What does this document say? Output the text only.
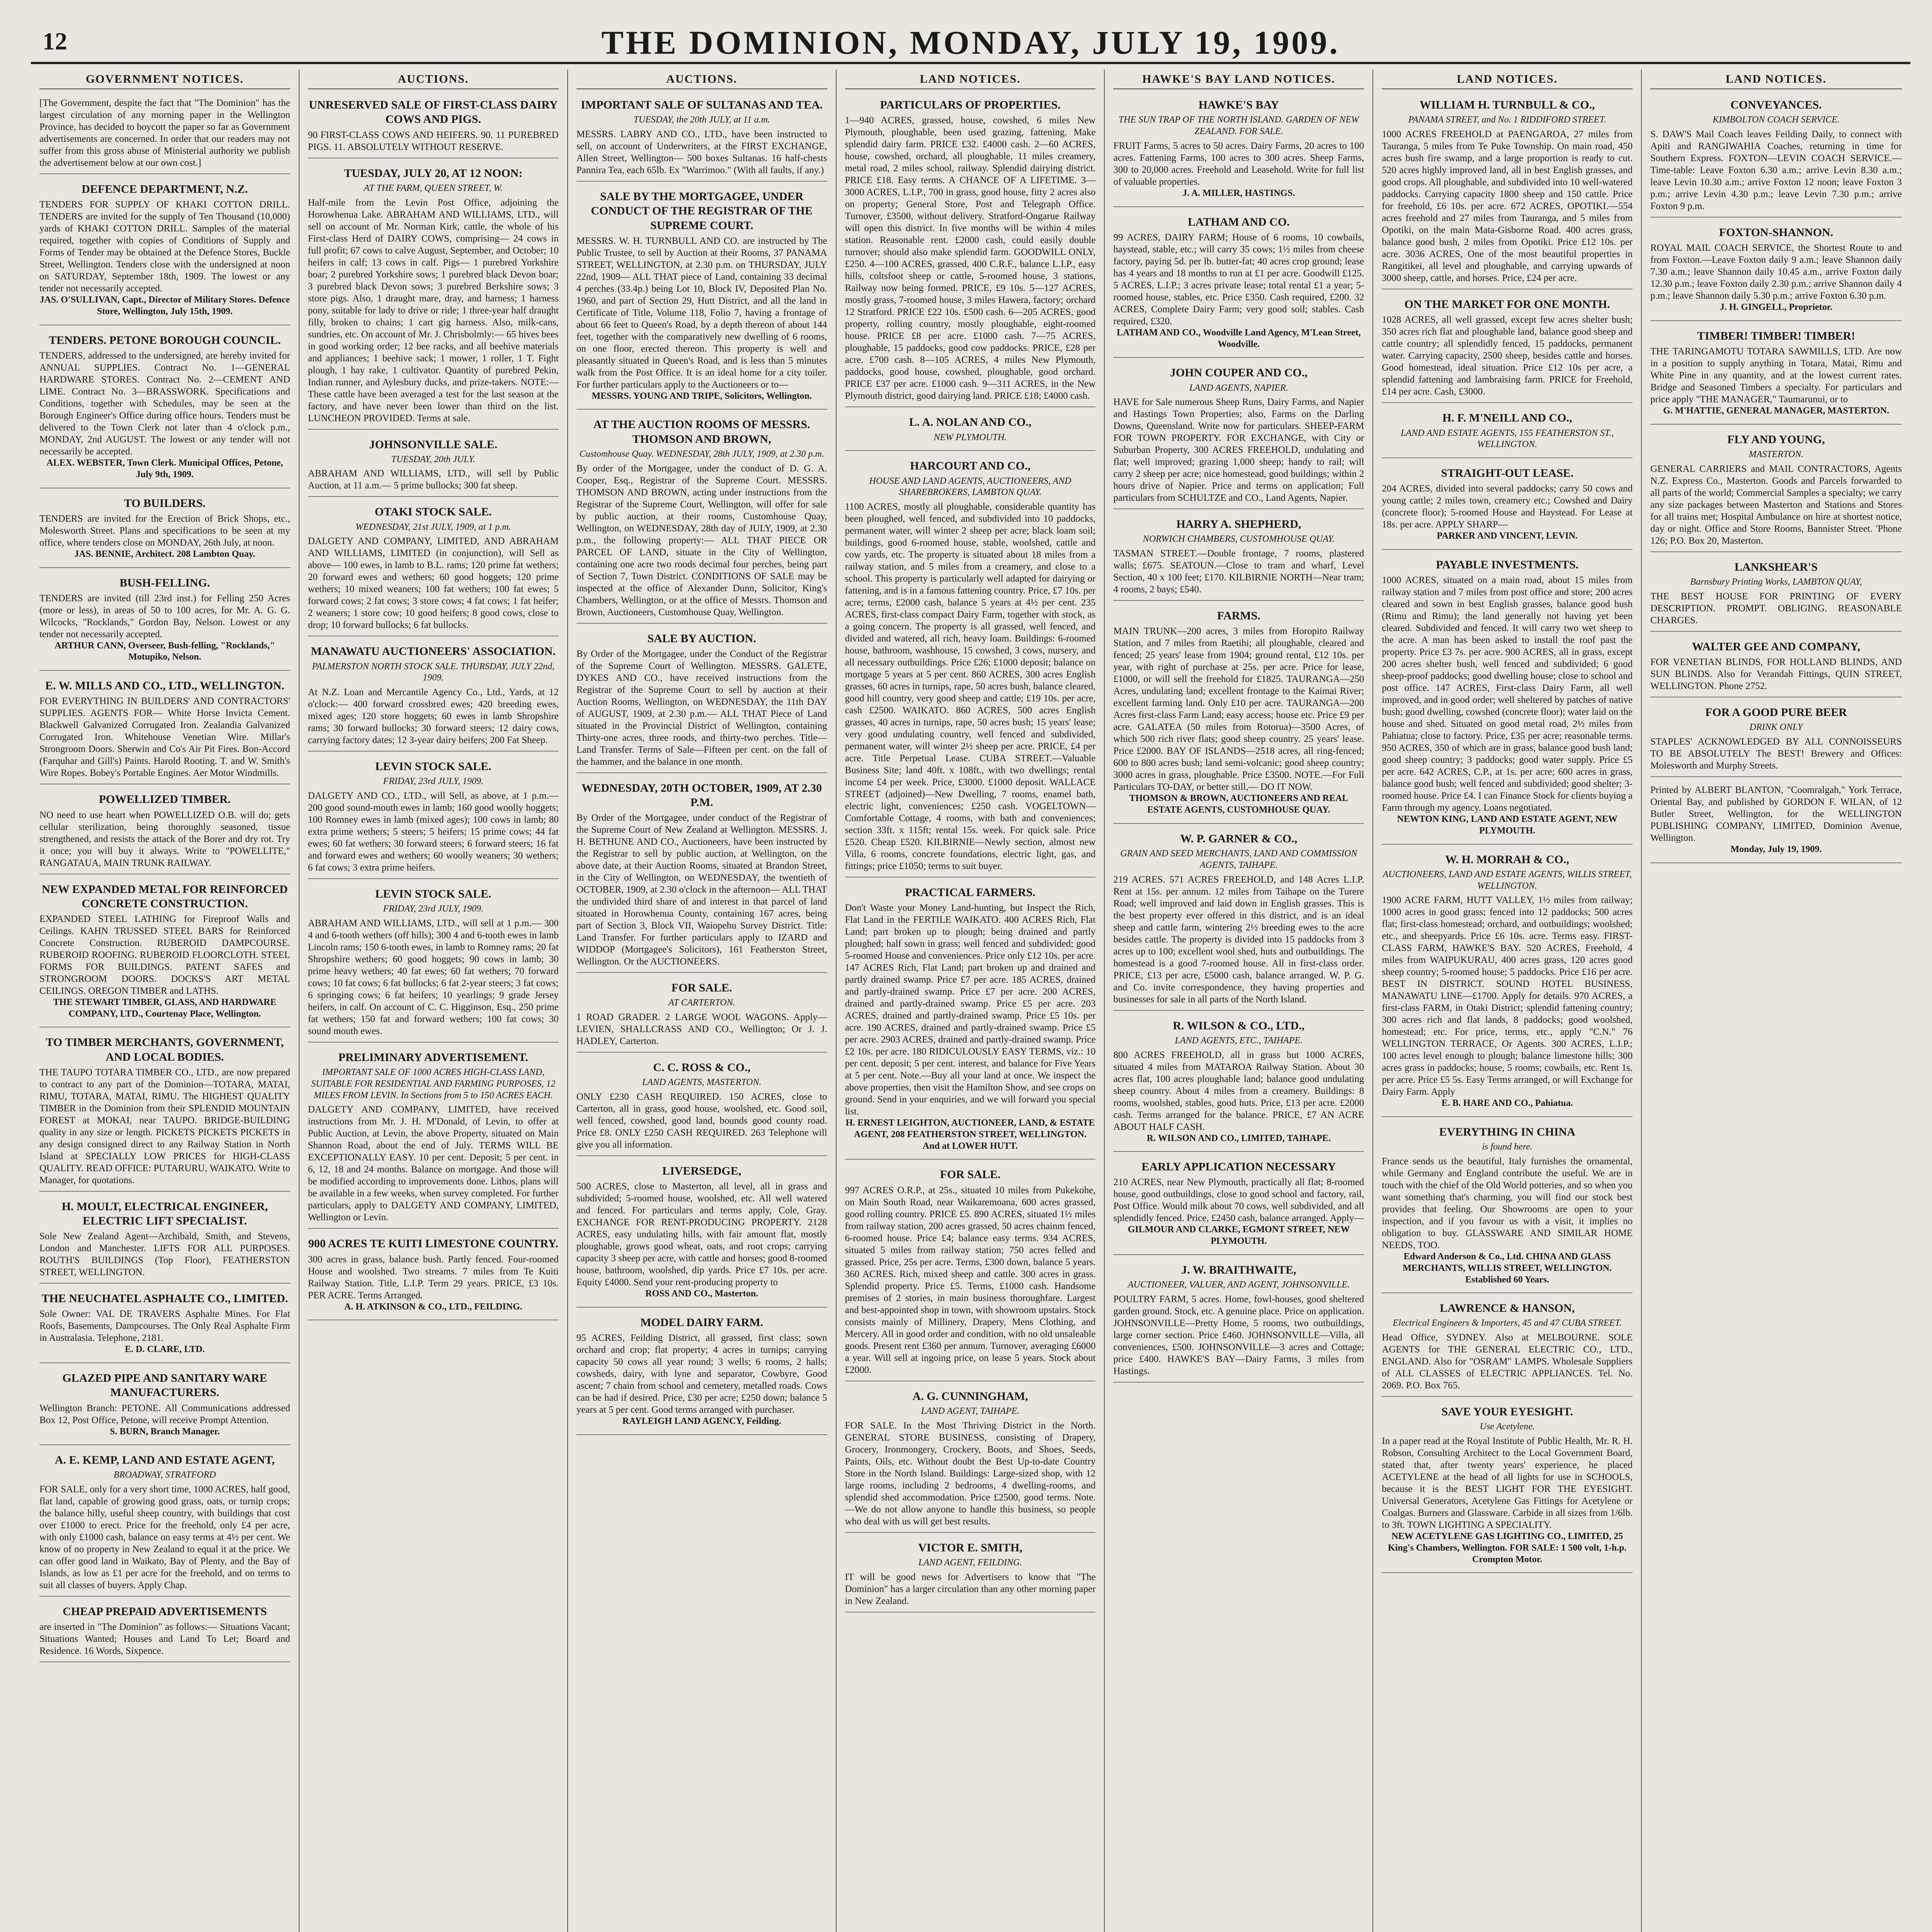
12	THE DOMINION, MONDAY, JULY 19, 1909.
GOVERNMENT NOTICES.
[The Government, despite the fact that "The Dominion" has the largest circulation of any morning paper in the Wellington Province, has decided to boycott the paper so far as Government advertisements are concerned. In order that our readers may not suffer from this gross abuse of Ministerial authority we publish the advertisement below at our own cost.]
DEFENCE DEPARTMENT, N.Z.
TENDERS FOR SUPPLY OF KHAKI COTTON DRILL. TENDERS are invited for the supply of Ten Thousand (10,000) yards of KHAKI COTTON DRILL. Samples of the material required, together with copies of Conditions of Supply and Forms of Tender may be obtained at the Defence Stores, Buckle Street, Wellington. Tenders close with the undersigned at noon on SATURDAY, September 18th, 1909. The lowest or any tender not necessarily accepted.
JAS. O'SULLIVAN, Capt., Director of Military Stores. Defence Store, Wellington, July 15th, 1909.
TENDERS. PETONE BOROUGH COUNCIL.
TENDERS, addressed to the undersigned, are hereby invited for ANNUAL SUPPLIES. Contract No. 1—GENERAL HARDWARE STORES. Contract No. 2—CEMENT AND LIME. Contract No. 3—BRASSWORK. Specifications and Conditions, together with Schedules, may be seen at the Borough Engineer's Office during office hours. Tenders must be delivered to the Town Clerk not later than 4 o'clock p.m., MONDAY, 2nd AUGUST. The lowest or any tender will not necessarily be accepted.
ALEX. WEBSTER, Town Clerk. Municipal Offices, Petone, July 9th, 1909.
TO BUILDERS.
TENDERS are invited for the Erection of Brick Shops, etc., Molesworth Street. Plans and specifications to be seen at my office, where tenders close on MONDAY, 26th July, at noon.
JAS. BENNIE, Architect. 208 Lambton Quay.
BUSH-FELLING.
TENDERS are invited (till 23rd inst.) for Felling 250 Acres (more or less), in areas of 50 to 100 acres, for Mr. A. G. G. Wilcocks, "Rocklands," Gordon Bay, Nelson. Lowest or any tender not necessarily accepted.
ARTHUR CANN, Overseer, Bush-felling, "Rocklands," Motupiko, Nelson.
E. W. MILLS AND CO., LTD., WELLINGTON.
FOR EVERYTHING IN BUILDERS' AND CONTRACTORS' SUPPLIES. AGENTS FOR— White Horse Invicta Cement. Blackwell Galvanized Corrugated Iron. Zealandia Galvanized Corrugated Iron. Whitehouse Venetian Wire. Millar's Strongroom Doors. Sherwin and Co's Air Pit Fires. Bon-Accord (Farquhar and Gill's) Paints. Harold Rooting. T. and W. Smith's Wire Ropes. Bobey's Portable Engines. Aer Motor Windmills.
POWELLIZED TIMBER.
NO need to use heart when POWELLIZED O.B. will do; gets cellular sterilization, being thoroughly seasoned, tissue strengthened, and resists the attack of the Borer and dry rot. Try it once; you will buy it always. Write to "POWELLITE," RANGATAUA, MAIN TRUNK RAILWAY.
NEW EXPANDED METAL FOR REINFORCED CONCRETE CONSTRUCTION.
EXPANDED STEEL LATHING for Fireproof Walls and Ceilings. KAHN TRUSSED STEEL BARS for Reinforced Concrete Construction. RUBEROID DAMPCOURSE. RUBEROID ROOFING. RUBEROID FLOORCLOTH. STEEL FORMS FOR BUILDINGS. PATENT SAFES and STRONGROOM DOORS. DOCKS'S ART METAL CEILINGS. OREGON TIMBER and LATHS.
THE STEWART TIMBER, GLASS, AND HARDWARE COMPANY, LTD., Courtenay Place, Wellington.
TO TIMBER MERCHANTS, GOVERNMENT, AND LOCAL BODIES.
THE TAUPO TOTARA TIMBER CO., LTD., are now prepared to contract to any part of the Dominion—TOTARA, MATAI, RIMU, TOTARA, MATAI, RIMU. The HIGHEST QUALITY TIMBER in the Dominion from their SPLENDID MOUNTAIN FOREST at MOKAI, near TAUPO. BRIDGE-BUILDING quality in any size or length. PICKETS PICKETS PICKETS in any design consigned direct to any Railway Station in North Island at SPECIALLY LOW PRICES for HIGH-CLASS QUALITY. READ OFFICE: PUTARURU, WAIKATO. Write to Manager, for quotations.
H. MOULT, ELECTRICAL ENGINEER, ELECTRIC LIFT SPECIALIST.
Sole New Zealand Agent—Archibald, Smith, and Stevens, London and Manchester. LIFTS FOR ALL PURPOSES. ROUTH'S BUILDINGS (Top Floor), FEATHERSTON STREET, WELLINGTON.
THE NEUCHATEL ASPHALTE CO., LIMITED.
Sole Owner: VAL DE TRAVERS Asphalte Mines. For Flat Roofs, Basements, Dampcourses. The Only Real Asphalte Firm in Australasia. Telephone, 2181.
E. D. CLARE, LTD.
GLAZED PIPE AND SANITARY WARE MANUFACTURERS.
Wellington Branch: PETONE. All Communications addressed Box 12, Post Office, Petone, will receive Prompt Attention.
S. BURN, Branch Manager.
A. E. KEMP, LAND AND ESTATE AGENT,
BROADWAY, STRATFORD
FOR SALE, only for a very short time, 1000 ACRES, half good, flat land, capable of growing good grass, oats, or turnip crops; the balance hilly, useful sheep country, with buildings that cost over £1000 to erect. Price for the freehold, only £4 per acre, with only £1000 cash, balance on easy terms at 4½ per cent. We know of no property in New Zealand to equal it at the price. We can offer good land in Waikato, Bay of Plenty, and the Bay of Islands, as low as £1 per acre for the freehold, and on terms to suit all classes of buyers. Apply Chap.
CHEAP PREPAID ADVERTISEMENTS
are inserted in "The Dominion" as follows:— Situations Vacant; Situations Wanted; Houses and Land To Let; Board and Residence. 16 Words, Sixpence.
AUCTIONS.
UNRESERVED SALE OF FIRST-CLASS DAIRY COWS AND PIGS.
90 FIRST-CLASS COWS AND HEIFERS. 90. 11 PUREBRED PIGS. 11. ABSOLUTELY WITHOUT RESERVE.
TUESDAY, JULY 20, AT 12 NOON:
AT THE FARM, QUEEN STREET, W.
Half-mile from the Levin Post Office, adjoining the Horowhenua Lake. ABRAHAM AND WILLIAMS, LTD., will sell on account of Mr. Norman Kirk, cattle, the whole of his First-class Herd of DAIRY COWS, comprising— 24 cows in full profit; 67 cows to calve August, September, and October; 10 heifers in calf; 13 cows in calf. Pigs— 1 purebred Yorkshire boar; 2 purebred Yorkshire sows; 1 purebred black Devon boar; 3 purebred black Devon sows; 3 purebred Berkshire sows; 3 store pigs. Also, 1 draught mare, dray, and harness; 1 harness pony, suitable for lady to drive or ride; 1 three-year half draught filly, broken to chains; 1 cart gig harness. Also, milk-cans, sundries, etc. On account of Mr. J. Chrisbolmly:— 65 hives bees in good working order; 12 bee racks, and all beehive materials and appliances; 1 beehive sack; 1 mower, 1 roller, 1 T. Fight plough, 1 hay rake, 1 cultivator. Quantity of purebred Pekin, Indian runner, and Aylesbury ducks, and prize-takers. NOTE:—These cattle have been averaged a test for the last season at the factory, and have never been lower than third on the list. LUNCHEON PROVIDED. Terms at sale.
JOHNSONVILLE SALE.
TUESDAY, 20th JULY.
ABRAHAM AND WILLIAMS, LTD., will sell by Public Auction, at 11 a.m.— 5 prime bullocks; 300 fat sheep.
OTAKI STOCK SALE.
WEDNESDAY, 21st JULY, 1909, at 1 p.m.
DALGETY AND COMPANY, LIMITED, AND ABRAHAM AND WILLIAMS, LIMITED (in conjunction), will Sell as above— 100 ewes, in lamb to B.L. rams; 120 prime fat wethers; 20 forward ewes and wethers; 60 good hoggets; 120 prime wethers; 10 mixed weaners; 100 fat wethers; 100 fat ewes; 5 forward cows; 2 fat cows; 3 store cows; 4 fat cows; 1 fat heifer; 2 weaners; 1 store cow; 10 good heifers; 8 good cows, close to drop; 10 forward bullocks; 6 fat bullocks.
MANAWATU AUCTIONEERS' ASSOCIATION.
PALMERSTON NORTH STOCK SALE. THURSDAY, JULY 22nd, 1909.
At N.Z. Loan and Mercantile Agency Co., Ltd., Yards, at 12 o'clock:— 400 forward crossbred ewes; 420 breeding ewes, mixed ages; 120 store hoggets; 60 ewes in lamb Shropshire rams; 30 forward bullocks; 30 forward steers; 12 dairy cows, carrying factory dates; 12 3-year dairy heifers; 200 Fat Sheep.
LEVIN STOCK SALE.
FRIDAY, 23rd JULY, 1909.
DALGETY AND CO., LTD., will Sell, as above, at 1 p.m.— 200 good sound-mouth ewes in lamb; 160 good woolly hoggets; 100 Romney ewes in lamb (mixed ages); 100 cows in lamb; 80 extra prime wethers; 5 steers; 5 heifers; 15 prime cows; 44 fat ewes; 60 fat wethers; 30 forward steers; 6 forward steers; 16 fat and forward ewes and wethers; 60 woolly weaners; 30 wethers; 6 fat cows; 3 extra prime heifers.
LEVIN STOCK SALE.
FRIDAY, 23rd JULY, 1909.
ABRAHAM AND WILLIAMS, LTD., will sell at 1 p.m.— 300 4 and 6-tooth wethers (off hills); 300 4 and 6-tooth ewes in lamb Lincoln rams; 150 6-tooth ewes, in lamb to Romney rams; 20 fat Shropshire wethers; 60 good hoggets; 90 cows in lamb; 30 prime heavy wethers; 40 fat ewes; 60 fat wethers; 70 forward cows; 10 fat cows; 6 fat bullocks; 6 fat 2-year steers; 3 fat cows; 6 springing cows; 6 fat heifers; 10 yearlings; 9 grade Jersey heifers, in calf. On account of C. C. Higginson, Esq., 250 prime fat wethers; 150 fat and forward wethers; 100 fat cows; 30 sound mouth ewes.
PRELIMINARY ADVERTISEMENT.
IMPORTANT SALE OF 1000 ACRES HIGH-CLASS LAND, SUITABLE FOR RESIDENTIAL AND FARMING PURPOSES, 12 MILES FROM LEVIN. In Sections from 5 to 150 ACRES EACH.
DALGETY AND COMPANY, LIMITED, have received instructions from Mr. J. H. M'Donald, of Levin, to offer at Public Auction, at Levin, the above Property, situated on Main Shannon Road, about the end of July. TERMS WILL BE EXCEPTIONALLY EASY. 10 per cent. Deposit; 5 per cent. in 6, 12, 18 and 24 months. Balance on mortgage. And those will be modified according to improvements done. Lithos, plans will be available in a few weeks, when survey completed. For further particulars, apply to DALGETY AND COMPANY, LIMITED, Wellington or Levin.
900 ACRES TE KUITI LIMESTONE COUNTRY.
300 acres in grass, balance bush. Partly fenced. Four-roomed House and woolshed. Two streams. 7 miles from Te Kuiti Railway Station. Title, L.I.P. Term 29 years. PRICE, £3 10s. PER ACRE. Terms Arranged.
A. H. ATKINSON & CO., LTD., FEILDING.
AUCTIONS.
IMPORTANT SALE OF SULTANAS AND TEA.
TUESDAY, the 20th JULY, at 11 a.m.
MESSRS. LABRY AND CO., LTD., have been instructed to sell, on account of Underwriters, at the FIRST EXCHANGE, Allen Street, Wellington— 500 boxes Sultanas. 16 half-chests Pannira Tea, each 65lb. Ex "Warrimoo." (With all faults, if any.)
SALE BY THE MORTGAGEE, UNDER CONDUCT OF THE REGISTRAR OF THE SUPREME COURT.
MESSRS. W. H. TURNBULL AND CO. are instructed by The Public Trustee, to sell by Auction at their Rooms, 37 PANAMA STREET, WELLINGTON, at 2.30 p.m. on THURSDAY, JULY 22nd, 1909— ALL THAT piece of Land, containing 33 decimal 4 perches (33.4p.) being Lot 10, Block IV, Deposited Plan No. 1960, and part of Section 29, Hutt District, and all the land in Certificate of Title, Volume 118, Folio 7, having a frontage of about 66 feet to Queen's Road, by a depth thereon of about 144 feet, together with the comparatively new dwelling of 6 rooms, on one floor, erected thereon. This property is well and pleasantly situated in Queen's Road, and is less than 5 minutes walk from the Post Office. It is an ideal home for a city toiler. For further particulars apply to the Auctioneers or to—
MESSRS. YOUNG AND TRIPE, Solicitors, Wellington.
AT THE AUCTION ROOMS OF MESSRS. THOMSON AND BROWN,
Customhouse Quay. WEDNESDAY, 28th JULY, 1909, at 2.30 p.m.
By order of the Mortgagee, under the conduct of D. G. A. Cooper, Esq., Registrar of the Supreme Court. MESSRS. THOMSON AND BROWN, acting under instructions from the Registrar of the Supreme Court, Wellington, will offer for sale by public auction, at their rooms, Customhouse Quay, Wellington, on WEDNESDAY, 28th day of JULY, 1909, at 2.30 p.m., the following property:— ALL THAT PIECE OR PARCEL OF LAND, situate in the City of Wellington, containing one acre two roods decimal four perches, being part of Section 7, Town District. CONDITIONS OF SALE may be inspected at the office of Alexander Dunn, Solicitor, King's Chambers, Wellington, or at the office of Messrs. Thomson and Brown, Auctioneers, Customhouse Quay, Wellington.
SALE BY AUCTION.
By Order of the Mortgagee, under the Conduct of the Registrar of the Supreme Court of Wellington. MESSRS. GALETE, DYKES AND CO., have received instructions from the Registrar of the Supreme Court to sell by auction at their Auction Rooms, Wellington, on WEDNESDAY, the 11th DAY of AUGUST, 1909, at 2.30 p.m.— ALL THAT Piece of Land situated in the Provincial District of Wellington, containing Thirty-one acres, three roods, and thirty-two perches. Title—Land Transfer. Terms of Sale—Fifteen per cent. on the fall of the hammer, and the balance in one month.
WEDNESDAY, 20TH OCTOBER, 1909, AT 2.30 P.M.
By Order of the Mortgagee, under conduct of the Registrar of the Supreme Court of New Zealand at Wellington. MESSRS. J. H. BETHUNE AND CO., Auctioneers, have been instructed by the Registrar to sell by public auction, at Wellington, on the above date, at their Auction Rooms, situated at Brandon Street, in the City of Wellington, on WEDNESDAY, the twentieth of OCTOBER, 1909, at 2.30 o'clock in the afternoon— ALL THAT the undivided third share of and interest in that parcel of land situated in Horowhenua County, containing 167 acres, being part of Section 3, Block VII, Waiopehu Survey District. Title: Land Transfer. For further particulars apply to IZARD and WIDDOP (Mortgagee's Solicitors), 161 Featherston Street, Wellington. Or the AUCTIONEERS.
FOR SALE.
AT CARTERTON.
1 ROAD GRADER. 2 LARGE WOOL WAGONS. Apply— LEVIEN, SHALLCRASS AND CO., Wellington; Or J. J. HADLEY, Carterton.
C. C. ROSS & CO.,
LAND AGENTS, MASTERTON.
ONLY £230 CASH REQUIRED. 150 ACRES, close to Carterton, all in grass, good house, woolshed, etc. Good soil, well fenced, cowshed, good land, bounds good county road. Price £8. ONLY £250 CASH REQUIRED. 263 Telephone will give you all information.
LIVERSEDGE,
500 ACRES, close to Masterton, all level, all in grass and subdivided; 5-roomed house, woolshed, etc. All well watered and fenced. For particulars and terms apply, Cole, Gray. EXCHANGE FOR RENT-PRODUCING PROPERTY. 2128 ACRES, easy undulating hills, with fair amount flat, mostly ploughable, grows good wheat, oats, and root crops; carrying capacity 3 sheep per acre, with cattle and horses; good 8-roomed house, bathroom, woolshed, dip yards. Price £7 10s. per acre. Equity £4000. Send your rent-producing property to
ROSS AND CO., Masterton.
MODEL DAIRY FARM.
95 ACRES, Feilding District, all grassed, first class; sown orchard and crop; flat property; 4 acres in turnips; carrying capacity 50 cows all year round; 3 wells; 6 rooms, 2 halls; cowsheds, dairy, with lyne and separator, Cowbyre, Good ascent; 7 chain from school and cemetery, metalled roads. Cows can be had if desired. Price, £30 per acre; £250 down; balance 5 years at 5 per cent. Good terms arranged with purchaser.
RAYLEIGH LAND AGENCY, Feilding.
LAND NOTICES.
PARTICULARS OF PROPERTIES.
1—940 ACRES, grassed, house, cowshed, 6 miles New Plymouth, ploughable, been used grazing, fattening. Make splendid dairy farm. PRICE £32. £4000 cash. 2—60 ACRES, house, cowshed, orchard, all ploughable, 11 miles creamery, metal road, 2 miles school, railway. Splendid dairying district. PRICE £18. Easy terms. A CHANCE OF A LIFETIME. 3—3000 ACRES, L.I.P., 700 in grass, good house, fitty 2 acres also on property; General Store, Post and Telegraph Office. Turnover, £3500, without delivery. Stratford-Ongarue Railway will open this district. In five months will be within 4 miles station. Reasonable rent. £2000 cash, could easily double turnover; should also make splendid farm. GOODWILL ONLY, £250. 4—100 ACRES, grassed, 400 C.R.F., balance L.I.P., easy hills, coltsfoot sheep or cattle, 5-roomed house, 3 stations, Railway now being formed. PRICE, £9 10s. 5—127 ACRES, mostly grass, 7-roomed house, 3 miles Hawera, factory; orchard 12 Stratford. PRICE £22 10s. £500 cash. 6—205 ACRES, good property, rolling country, mostly ploughable, eight-roomed house. PRICE £8 per acre. £1000 cash. 7—75 ACRES, ploughable, 15 paddocks, good cow paddocks. PRICE, £28 per acre. £700 cash. 8—105 ACRES, 4 miles New Plymouth, paddocks, good house, cowshed, ploughable, good orchard. PRICE £37 per acre. £1000 cash. 9—311 ACRES, in the New Plymouth district, good dairying land. PRICE £18; £4000 cash.
L. A. NOLAN AND CO.,
NEW PLYMOUTH.
HARCOURT AND CO.,
HOUSE AND LAND AGENTS, AUCTIONEERS, AND SHAREBROKERS, LAMBTON QUAY.
1100 ACRES, mostly all ploughable, considerable quantity has been ploughed, well fenced, and subdivided into 10 paddocks, permanent water, will winter 2 sheep per acre; black loam soil; buildings, good 6-roomed house, stable, woolshed, cattle and cow yards, etc. The property is situated about 18 miles from a railway station, and 5 miles from a creamery, and close to a school. This property is particularly well adapted for dairying or fattening, and is in a famous fattening country. Price, £7 10s. per acre; terms, £2000 cash, balance 5 years at 4½ per cent. 235 ACRES, first-class compact Dairy Farm, together with stock, as a going concern. The property is all grassed, well fenced, and divided and watered, all rich, heavy loam. Buildings: 6-roomed house, bathroom, washhouse, 15 cowshed, 3 cows, nursery, and all necessary outbuildings. Price £26; £1000 deposit; balance on mortgage 5 years at 5 per cent. 860 ACRES, 300 acres English grasses, 60 acres in turnips, rape, 50 acres bush, balance cleared, good hill country, very good sheep and cattle; £19 10s. per acre, cash £2500. WAIKATO. 860 ACRES, 500 acres English grasses, 40 acres in turnips, rape, 50 acres bush; 15 years' lease; very good undulating country, well fenced and subdivided, permanent water, will winter 2½ sheep per acre. PRICE, £4 per acre. Title Perpetual Lease. CUBA STREET.—Valuable Business Site; land 40ft. x 108ft., with two dwellings; rental income £4 per week. Price, £3000. £1000 deposit. WALLACE STREET (adjoined)—New Dwelling, 7 rooms, enamel bath, electric light, conveniences; £250 cash. VOGELTOWN—Comfortable Cottage, 4 rooms, with bath and conveniences; section 33ft. x 115ft; rental 15s. week. For quick sale. Price £520. Cheap £520. KILBIRNIE—Newly section, almost new Villa, 6 rooms, concrete foundations, electric light, gas, and fittings; price £1050; terms to suit buyer.
PRACTICAL FARMERS.
Don't Waste your Money Land-hunting, but Inspect the Rich, Flat Land in the FERTILE WAIKATO. 400 ACRES Rich, Flat Land; part broken up to plough; being drained and partly ploughed; half sown in grass; well fenced and subdivided; good 5-roomed House and conveniences. Price only £12 10s. per acre. 147 ACRES Rich, Flat Land; part broken up and drained and partly drained swamp. Price £7 per acre. 185 ACRES, drained and partly-drained swamp. Price £7 per acre. 200 ACRES, drained and partly-drained swamp. Price £5 per acre. 203 ACRES, drained and partly-drained swamp. Price £5 10s. per acre. 190 ACRES, drained and partly-drained swamp. Price £5 per acre. 2903 ACRES, drained and partly-drained swamp. Price £2 10s. per acre. 180 RIDICULOUSLY EASY TERMS, viz.: 10 per cent. deposit; 5 per cent. interest, and balance for Five Years at 5 per cent. Note.—Buy all your land at once. We inspect the above properties, then visit the Hamilton Show, and see crops on ground. Send in your enquiries, and we will forward you special list.
H. ERNEST LEIGHTON, AUCTIONEER, LAND, & ESTATE AGENT, 208 FEATHERSTON STREET, WELLINGTON. And at LOWER HUTT.
FOR SALE.
997 ACRES O.R.P., at 25s., situated 10 miles from Pukekohe, on Main South Road, near Waikaremoana, 600 acres grassed, good rolling country. PRICE £5. 890 ACRES, situated 1½ miles from railway station, 200 acres grassed, 50 acres chainm fenced, 6-roomed house. Price £4; balance easy terms. 934 ACRES, situated 5 miles from railway station; 750 acres felled and grassed. Price, 25s per acre. Terms, £300 down, balance 5 years. 360 ACRES. Rich, mixed sheep and cattle. 300 acres in grass. Splendid property. Price £5. Terms, £1000 cash. Handsome premises of 2 stories, in main business thoroughfare. Largest and best-appointed shop in town, with showroom upstairs. Stock consists mainly of Millinery, Drapery, Mens Clothing, and Mercery. All in good order and condition, with no old unsaleable goods. Present rent £360 per annum. Turnover, averaging £6000 a year. Will sell at ingoing price, on lease 5 years. Stock about £2000.
A. G. CUNNINGHAM,
LAND AGENT, TAIHAPE.
FOR SALE. In the Most Thriving District in the North. GENERAL STORE BUSINESS, consisting of Drapery, Grocery, Ironmongery, Crockery, Boots, and Shoes, Seeds, Paints, Oils, etc. Without doubt the Best Up-to-date Country Store in the North Island. Buildings: Large-sized shop, with 12 large rooms, including 2 bedrooms, 4 dwelling-rooms, and splendid shed accommodation. Price £2500, good terms. Note.—We do not allow anyone to handle this business, so people who deal with us will get best results.
VICTOR E. SMITH,
LAND AGENT, FEILDING.
IT will be good news for Advertisers to know that "The Dominion" has a larger circulation than any other morning paper in New Zealand.
HAWKE'S BAY LAND NOTICES.
HAWKE'S BAY
THE SUN TRAP OF THE NORTH ISLAND. GARDEN OF NEW ZEALAND. FOR SALE.
FRUIT Farms, 5 acres to 50 acres. Dairy Farms, 20 acres to 100 acres. Fattening Farms, 100 acres to 300 acres. Sheep Farms, 300 to 20,000 acres. Freehold and Leasehold. Write for full list of valuable properties.
J. A. MILLER, HASTINGS.
LATHAM AND CO.
99 ACRES, DAIRY FARM; House of 6 rooms, 10 cowbails, haystead, stable, etc.; will carry 35 cows; 1½ miles from cheese factory, paying 5d. per lb. butter-fat; 40 acres crop ground; lease has 4 years and 18 months to run at £1 per acre. Goodwill £125. 5 ACRES, L.I.P.; 3 acres private lease; total rental £1 a year; 5-roomed house, stables, etc. Price £350. Cash required, £200. 32 ACRES, Complete Dairy Farm; very good soil; stables. Cash required, £320.
LATHAM AND CO., Woodville Land Agency, M'Lean Street, Woodville.
JOHN COUPER AND CO.,
LAND AGENTS, NAPIER.
HAVE for Sale numerous Sheep Runs, Dairy Farms, and Napier and Hastings Town Properties; also, Farms on the Darling Downs, Queensland. Write now for particulars. SHEEP-FARM FOR TOWN PROPERTY. FOR EXCHANGE, with City or Suburban Property, 300 ACRES FREEHOLD, undulating and flat; well improved; grazing 1,000 sheep; handy to rail; will carry 2 sheep per acre; nice homestead, good buildings; within 2 hours drive of Napier. Price and terms on application; Full particulars from SCHULTZE and CO., Land Agents, Napier.
HARRY A. SHEPHERD,
NORWICH CHAMBERS, CUSTOMHOUSE QUAY.
TASMAN STREET.—Double frontage, 7 rooms, plastered walls; £675. SEATOUN.—Close to tram and wharf, Level Section, 40 x 100 feet; £170. KILBIRNIE NORTH—Near tram; 4 rooms, 2 bays; £540.
FARMS.
MAIN TRUNK—200 acres, 3 miles from Horopito Railway Station, and 7 miles from Raetihi; all ploughable, cleared and fenced; 25 years' lease from 1904; ground rental, £12 10s. per year, with right of purchase at 25s. per acre. Price for lease, £1000, or will sell the freehold for £1825. TAURANGA—250 Acres, undulating land; excellent frontage to the Kaimai River; excellent farming land. Only £10 per acre. TAURANGA—200 Acres first-class Farm Land; easy access; house etc. Price £9 per acre. GALATEA (50 miles from Rotorua)—3500 Acres, of which 500 rich river flats; good sheep country. 25 years' lease. Price £2000. BAY OF ISLANDS—2518 acres, all ring-fenced; 600 to 800 acres bush; land semi-volcanic; good sheep country; 3000 acres in grass, ploughable. Price £3500. NOTE.—For Full Particulars TO-DAY, or better still,— DO IT NOW.
THOMSON & BROWN, AUCTIONEERS AND REAL ESTATE AGENTS, CUSTOMHOUSE QUAY.
W. P. GARNER & CO.,
GRAIN AND SEED MERCHANTS, LAND AND COMMISSION AGENTS, TAIHAPE.
219 ACRES. 571 ACRES FREEHOLD, and 148 Acres L.I.P. Rent at 15s. per annum. 12 miles from Taihape on the Turere Road; well improved and laid down in English grasses. This is the best property ever offered in this district, and is an ideal sheep and cattle farm, wintering 2½ breeding ewes to the acre besides cattle. The property is divided into 15 paddocks from 3 acres up to 100; excellent wool shed, huts and outbuildings. The homestead is a good 7-roomed house. All in first-class order. PRICE, £13 per acre, £5000 cash, balance arranged. W. P. G. and Co. invite correspondence, they having properties and businesses for sale in all parts of the North Island.
R. WILSON & CO., LTD.,
LAND AGENTS, ETC., TAIHAPE.
800 ACRES FREEHOLD, all in grass but 1000 ACRES, situated 4 miles from MATAROA Railway Station. About 30 acres flat, 100 acres ploughable land; balance good undulating sheep country. About 4 miles from a creamery. Buildings: 8 rooms, woolshed, stables, good huts. Price, £13 per acre. £2000 cash. Terms arranged for the balance. PRICE, £7 AN ACRE ABOUT HALF CASH.
R. WILSON AND CO., LIMITED, TAIHAPE.
EARLY APPLICATION NECESSARY
210 ACRES, near New Plymouth, practically all flat; 8-roomed house, good outbuildings, close to good school and factory, rail, Post Office. Would milk about 70 cows, well subdivided, and all splendidly fenced. Price, £2450 cash, balance arranged. Apply—
GILMOUR AND CLARKE, EGMONT STREET, NEW PLYMOUTH.
J. W. BRAITHWAITE,
AUCTIONEER, VALUER, AND AGENT, JOHNSONVILLE.
POULTRY FARM, 5 acres. Home, fowl-houses, good sheltered garden ground. Stock, etc. A genuine place. Price on application. JOHNSONVILLE—Pretty Home, 5 rooms, two outbuildings, large corner section. Price £460. JOHNSONVILLE—Villa, all conveniences, £500. JOHNSONVILLE—3 acres and Cottage; price £400. HAWKE'S BAY—Dairy Farms, 3 miles from Hastings.
LAND NOTICES.
WILLIAM H. TURNBULL & CO.,
PANAMA STREET, and No. 1 RIDDIFORD STREET.
1000 ACRES FREEHOLD at PAENGAROA, 27 miles from Tauranga, 5 miles from Te Puke Township. On main road, 450 acres bush fire swamp, and a large proportion is ready to cut. 520 acres highly improved land, all in best English grasses, and good crops. All ploughable, and subdivided into 10 well-watered paddocks. Carrying capacity 1800 sheep and 150 cattle. Price for freehold, £6 10s. per acre. 672 ACRES, OPOTIKI.—554 acres freehold and 27 miles from Tauranga, and 5 miles from Opotiki, on the main Mata-Gisborne Road. 400 acres grass, balance good bush, 2 miles from Opotiki. Price £12 10s. per acre. 3036 ACRES, One of the most beautiful properties in Rangitikei, all level and ploughable, and carrying upwards of 3000 sheep, cattle, and horses. Price, £24 per acre.
ON THE MARKET FOR ONE MONTH.
1028 ACRES, all well grassed, except few acres shelter bush; 350 acres rich flat and ploughable land, balance good sheep and cattle country; all splendidly fenced, 15 paddocks, permanent water. Carrying capacity, 2500 sheep, besides cattle and horses. Good homestead, ideal situation. Price £12 10s per acre, a splendid fattening and lambraising farm. PRICE for Freehold, £14 per acre. Cash, £3000.
H. F. M'NEILL AND CO.,
LAND AND ESTATE AGENTS, 155 FEATHERSTON ST., WELLINGTON.
STRAIGHT-OUT LEASE.
204 ACRES, divided into several paddocks; carry 50 cows and young cattle; 2 miles town, creamery etc.; Cowshed and Dairy (concrete floor); 5-roomed House and Haystead. For Lease at 18s. per acre. APPLY SHARP—
PARKER AND VINCENT, LEVIN.
PAYABLE INVESTMENTS.
1000 ACRES, situated on a main road, about 15 miles from railway station and 7 miles from post office and store; 200 acres cleared and sown in best English grasses, balance good bush (Rimu and Rimu); the land generally not having yet been cleared. Subdivided and fenced. It will carry two wet sheep to the acre. A man has been asked to install the roof past the property. Price £3 7s. per acre. 900 ACRES, all in grass, except 200 acres shelter bush, well fenced and subdivided; 6 good sheep-proof paddocks; good dwelling house; close to school and post office. 147 ACRES, First-class Dairy Farm, all well improved, and in good order; well sheltered by patches of native bush; good dwelling, cowshed (concrete floor); water laid on the house and shed. Situated on good metal road, 2½ miles from Pahiatua; close to factory. Price, £35 per acre; reasonable terms. 950 ACRES, 350 of which are in grass, balance good bush land; good sheep country; 3 paddocks; good water supply. Price £5 per acre. 642 ACRES, C.P., at 1s. per acre; 600 acres in grass, balance good bush; well fenced and subdivided; good shelter; 3-roomed house. Price £4. I can Finance Stock for clients buying a Farm through my agency. Loans negotiated.
NEWTON KING, LAND AND ESTATE AGENT, NEW PLYMOUTH.
W. H. MORRAH & CO.,
AUCTIONEERS, LAND AND ESTATE AGENTS, WILLIS STREET, WELLINGTON.
1900 ACRE FARM, HUTT VALLEY, 1½ miles from railway; 1000 acres in good grass; fenced into 12 paddocks; 500 acres flat; first-class homestead; orchard, and outbuildings; woolshed; etc., and sheepyards. Price £6 10s. acre. Terms easy. FIRST-CLASS FARM, HAWKE'S BAY. 520 ACRES, Freehold, 4 miles from WAIPUKURAU, 400 acres grass, 120 acres good sheep country; 5-roomed house; 5 paddocks. Price £16 per acre. BEST IN DISTRICT. SOUND HOTEL BUSINESS, MANAWATU LINE—£1700. Apply for details. 970 ACRES, a first-class FARM, in Otaki District; splendid fattening country; 300 acres rich and flat lands, 8 paddocks; good woolshed, homestead; etc. For price, terms, etc., apply "C.N." 76 WELLINGTON TERRACE, Or Agents. 300 ACRES, L.I.P.; 100 acres level enough to plough; balance limestone hills; 300 acres grass in paddocks; house, 5 rooms; cowbails, etc. Rent 1s. per acre. Price £5 5s. Easy Terms arranged, or will Exchange for Dairy Farm. Apply
E. B. HARE AND CO., Pahiatua.
EVERYTHING IN CHINA
is found here.
France sends us the beautiful, Italy furnishes the ornamental, while Germany and England contribute the useful. We are in touch with the chief of the Old World potteries, and so when you want something that's charming, you will find our stock best provides that feeling. Our Showrooms are open to your inspection, and if you favour us with a visit, it implies no obligation to buy. GLASSWARE AND SIMILAR HOME NEEDS, TOO.
Edward Anderson & Co., Ltd. CHINA AND GLASS MERCHANTS, WILLIS STREET, WELLINGTON. Established 60 Years.
LAWRENCE & HANSON,
Electrical Engineers & Importers, 45 and 47 CUBA STREET.
Head Office, SYDNEY. Also at MELBOURNE. SOLE AGENTS for THE GENERAL ELECTRIC CO., LTD., ENGLAND. Also for "OSRAM" LAMPS. Wholesale Suppliers of ALL CLASSES of ELECTRIC APPLIANCES. Tel. No. 2069. P.O. Box 765.
SAVE YOUR EYESIGHT.
Use Acetylene.
In a paper read at the Royal Institute of Public Health, Mr. R. H. Robson, Consulting Architect to the Local Government Board, stated that, after twenty years' experience, he placed ACETYLENE at the head of all lights for use in SCHOOLS, because it is the BEST LIGHT FOR THE EYESIGHT. Universal Generators, Acetylene Gas Fittings for Acetylene or Coalgas. Burners and Glassware. Carbide in all sizes from 1/6lb. to 3ft. TOWN LIGHTING A SPECIALITY.
NEW ACETYLENE GAS LIGHTING CO., LIMITED, 25 King's Chambers, Wellington. FOR SALE: 1 500 volt, 1-h.p. Crompton Motor.
LAND NOTICES.
CONVEYANCES.
KIMBOLTON COACH SERVICE.
S. DAW'S Mail Coach leaves Feilding Daily, to connect with Apiti and RANGIWAHIA Coaches, returning in time for Southern Express. FOXTON—LEVIN COACH SERVICE.—Time-table: Leave Foxton 6.30 a.m.; arrive Levin 8.30 a.m.; leave Levin 10.30 a.m.; arrive Foxton 12 noon; leave Foxton 3 p.m.; arrive Levin 4.30 p.m.; leave Levin 7.30 p.m.; arrive Foxton 9 p.m.
FOXTON-SHANNON.
ROYAL MAIL COACH SERVICE, the Shortest Route to and from Foxton.—Leave Foxton daily 9 a.m.; leave Shannon daily 7.30 a.m.; leave Shannon daily 10.45 a.m., arrive Foxton daily 12.30 p.m.; leave Foxton daily 2.30 p.m.; arrive Shannon daily 4 p.m.; leave Shannon daily 5.30 p.m.; arrive Foxton 6.30 p.m.
J. H. GINGELL, Proprietor.
TIMBER! TIMBER! TIMBER!
THE TARINGAMOTU TOTARA SAWMILLS, LTD. Are now in a position to supply anything in Totara, Matai, Rimu and White Pine in any quantity, and at the lowest current rates. Bridge and Seasoned Timbers a specialty. For particulars and price apply "THE MANAGER," Taumarunui, or to
G. M'HATTIE, GENERAL MANAGER, MASTERTON.
FLY AND YOUNG,
MASTERTON.
GENERAL CARRIERS and MAIL CONTRACTORS, Agents N.Z. Express Co., Masterton. Goods and Parcels forwarded to all parts of the world; Commercial Samples a specialty; we carry any size packages between Masterton and Stations and Stores for all trains met; Hospital Ambulance on hire at shortest notice, day or night. Office and Store Rooms, Bannister Street. 'Phone 126; P.O. Box 20, Masterton.
LANKSHEAR'S
Barnsbury Printing Works, LAMBTON QUAY,
THE BEST HOUSE FOR PRINTING OF EVERY DESCRIPTION. PROMPT. OBLIGING. REASONABLE CHARGES.
WALTER GEE AND COMPANY,
FOR VENETIAN BLINDS, FOR HOLLAND BLINDS, AND SUN BLINDS. Also for Verandah Fittings, QUIN STREET, WELLINGTON. Phone 2752.
FOR A GOOD PURE BEER
DRINK ONLY
STAPLES' ACKNOWLEDGED BY ALL CONNOISSEURS TO BE ABSOLUTELY The BEST! Brewery and Offices: Molesworth and Murphy Streets.
Printed by ALBERT BLANTON, "Coomralgah," York Terrace, Oriental Bay, and published by GORDON F. WILAN, of 12 Butler Street, Wellington, for the WELLINGTON PUBLISHING COMPANY, LIMITED, Dominion Avenue, Wellington.
Monday, July 19, 1909.
